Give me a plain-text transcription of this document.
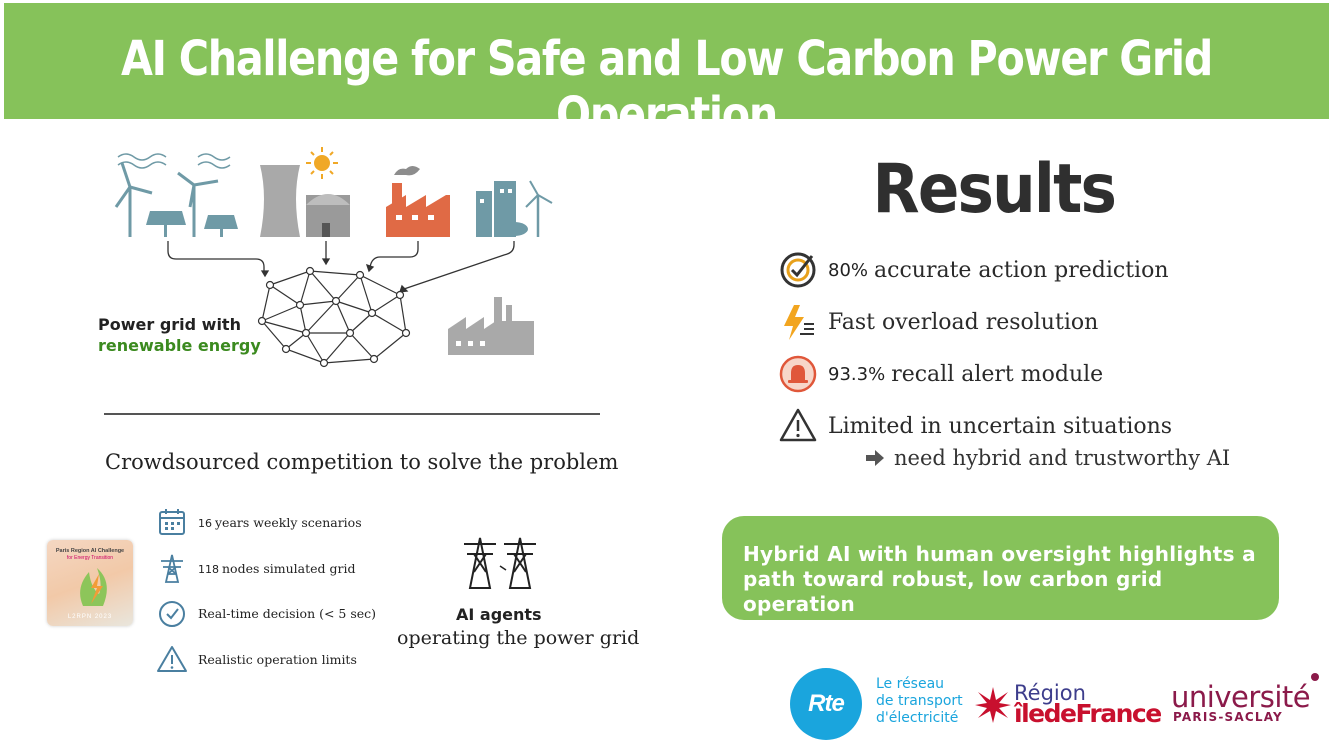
AI Challenge for Safe and Low Carbon Power Grid Operation
Power grid with
renewable energy
Crowdsourced competition to solve the problem
Paris Region AI Challenge
for Energy Transition
L2RPN 2023
16 years weekly scenarios
118 nodes simulated grid
Real-time decision (< 5 sec)
Realistic operation limits
AI agents
operating the power grid
Results
80% accurate action prediction
Fast overload resolution
93.3% recall alert module
Limited in uncertain situations
need hybrid and trustworthy AI

Hybrid AI with human oversight highlights a path toward robust, low carbon grid operation

Rte
Le réseau
de transport
d'électricité
Région
îledeFrance université
PARIS-SACLAY
